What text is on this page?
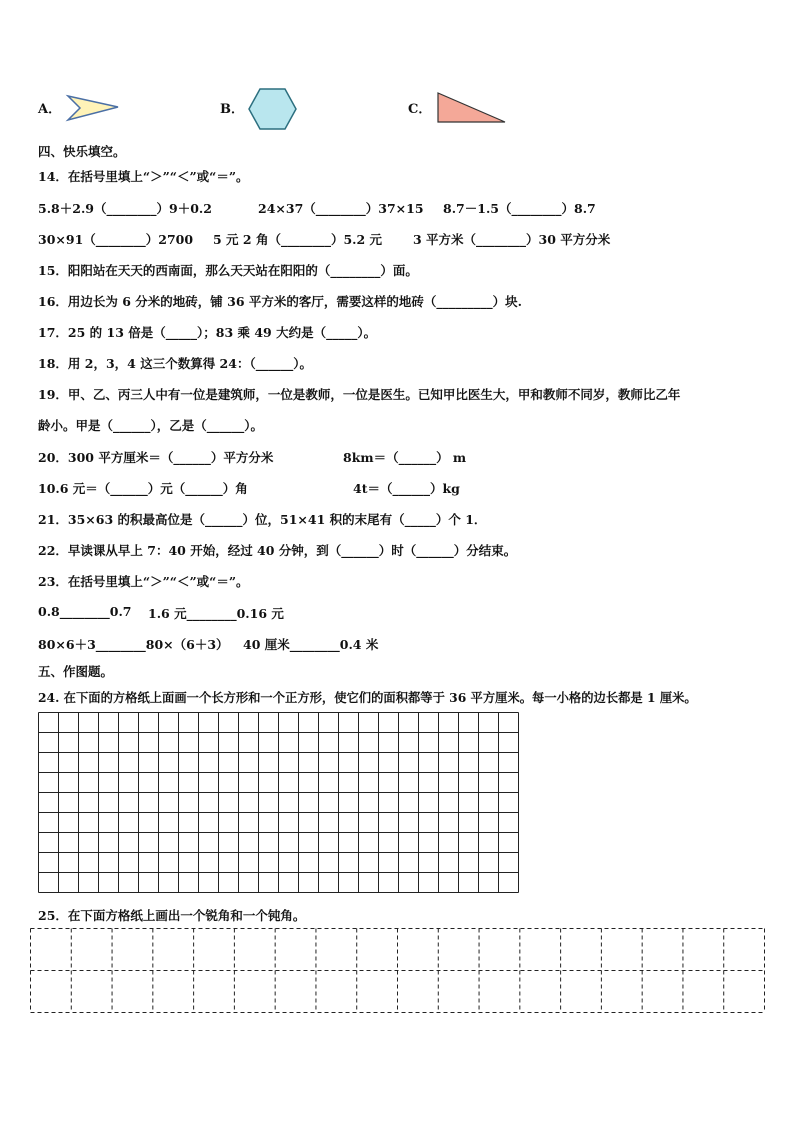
A．	B．	C．
四、快乐填空。
14．在括号里填上“＞”“＜”或“＝”。
5.8＋2.9（________）9＋0.2	24×37（________）37×15 8.7－1.5（________）8.7
30×91（________）2700 5 元 2 角（________）5.2 元 3 平方米（________）30 平方分米
15．阳阳站在天天的西南面，那么天天站在阳阳的（________）面。
16．用边长为 6 分米的地砖，铺 36 平方米的客厅，需要这样的地砖（_________）块.
17．25 的 13 倍是（_____）；83 乘 49 大约是（_____）。
18．用 2，3，4 这三个数算得 24：（______）。
19．甲、乙、丙三人中有一位是建筑师，一位是教师，一位是医生。已知甲比医生大，甲和教师不同岁，教师比乙年
龄小。甲是（______），乙是（______）。
20．300 平方厘米＝（______）平方分米	8km＝（______） m
10.6 元＝（______）元（______）角	4t＝（______）kg
21．35×63 的积最高位是（______）位，51×41 积的末尾有（_____）个 1．
22．早读课从早上 7：40 开始，经过 40 分钟，到（______）时（______）分结束。
23．在括号里填上“＞”“＜”或“＝”。
0.8________0.7 1.6 元________0.16 元
80×6＋3________80×（6＋3） 40 厘米________0.4 米
五、作图题。
24. 在下面的方格纸上面画一个长方形和一个正方形，使它们的面积都等于 36 平方厘米。每一小格的边长都是 1 厘米。
25．在下面方格纸上画出一个锐角和一个钝角。
